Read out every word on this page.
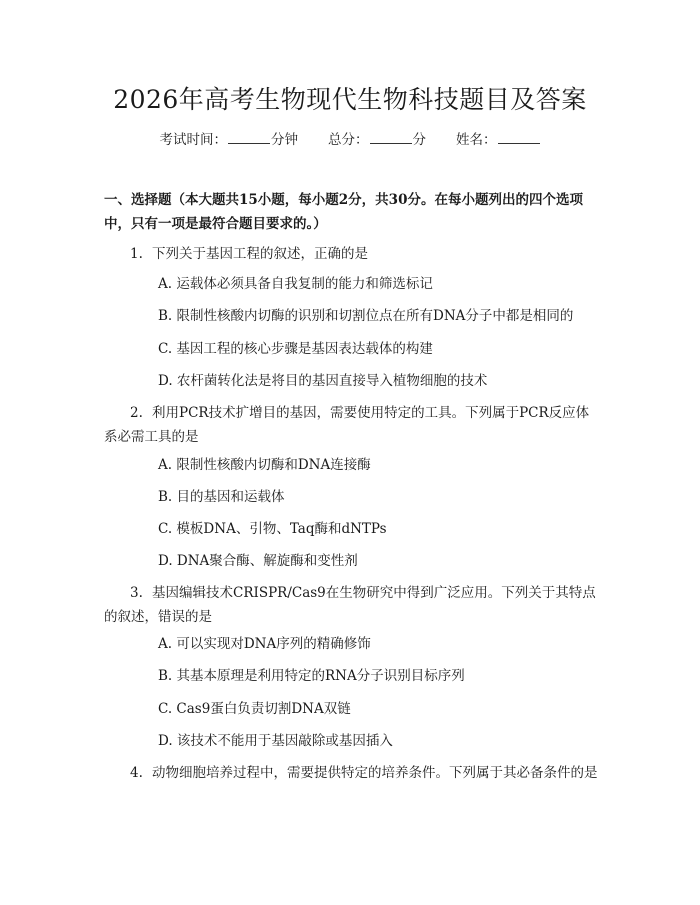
2026年高考生物现代生物科技题目及答案
考试时间：	分钟 总分：	分 姓名：
一、选择题（本大题共15小题，每小题2分，共30分。在每小题列出的四个选项中，只有一项是最符合题目要求的。）
1. 下列关于基因工程的叙述，正确的是
A. 运载体必须具备自我复制的能力和筛选标记
B. 限制性核酸内切酶的识别和切割位点在所有DNA分子中都是相同的
C. 基因工程的核心步骤是基因表达载体的构建
D. 农杆菌转化法是将目的基因直接导入植物细胞的技术
2. 利用PCR技术扩增目的基因，需要使用特定的工具。下列属于PCR反应体系必需工具的是
A. 限制性核酸内切酶和DNA连接酶
B. 目的基因和运载体
C. 模板DNA、引物、Taq酶和dNTPs
D. DNA聚合酶、解旋酶和变性剂
3. 基因编辑技术CRISPR/Cas9在生物研究中得到广泛应用。下列关于其特点的叙述，错误的是
A. 可以实现对DNA序列的精确修饰
B. 其基本原理是利用特定的RNA分子识别目标序列
C. Cas9蛋白负责切割DNA双链
D. 该技术不能用于基因敲除或基因插入
4. 动物细胞培养过程中，需要提供特定的培养条件。下列属于其必备条件的是
